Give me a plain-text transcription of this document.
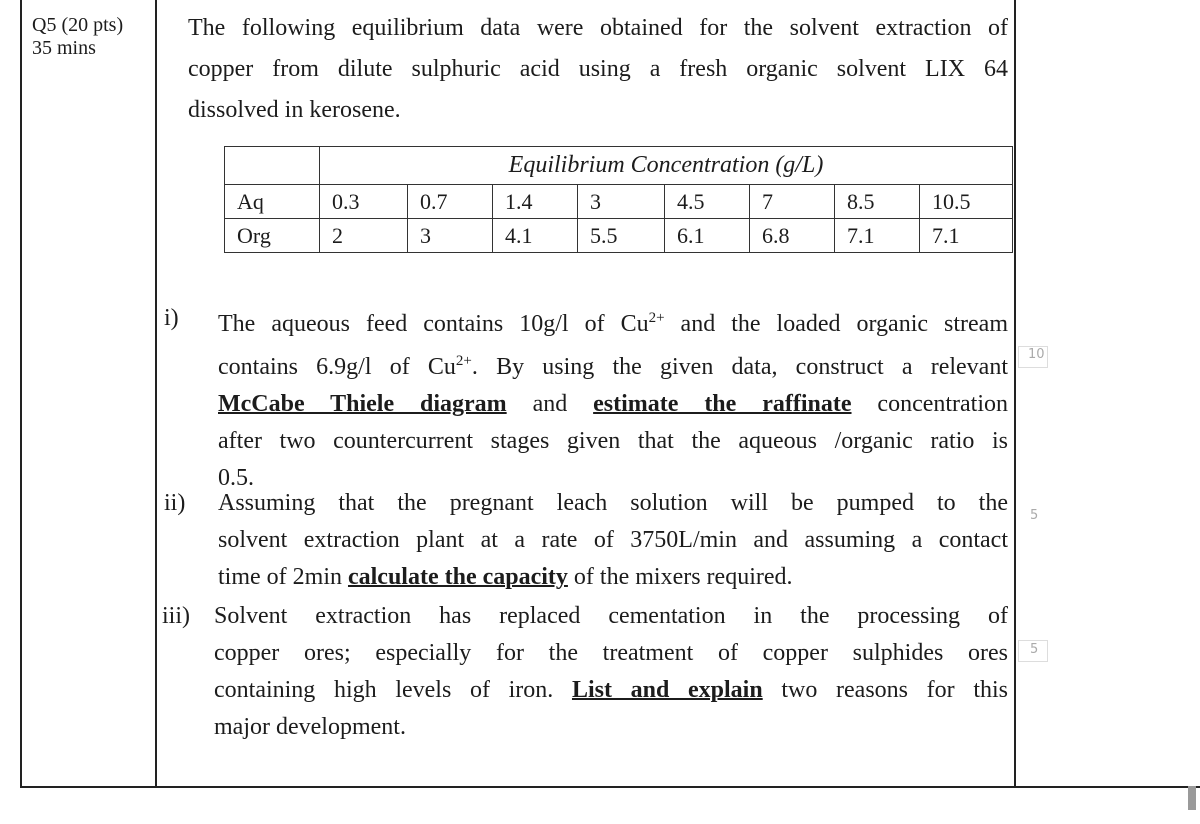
Q5 (20 pts)
35 mins

The following equilibrium data were obtained for the solvent extraction of

copper from dilute sulphuric acid using a fresh organic solvent LIX 64

dissolved in kerosene.

	Equilibrium Concentration (g/L)							
Aq	0.3	0.7	1.4	3	4.5	7	8.5	10.5
Org	2	3	4.1	5.5	6.1	6.8	7.1	7.1
i) The aqueous feed contains 10g/l of $Cu^{2+}$ and the loaded organic stream
contains 6.9g/l of $Cu^{2+}$. By using the given data, construct a relevant
McCabe Thiele diagram and estimate the raffinate concentration
after two countercurrent stages given that the aqueous /organic ratio is
0.5.
ii) Assuming that the pregnant leach solution will be pumped to the
solvent extraction plant at a rate of 3750L/min and assuming a contact
time of 2min calculate the capacity of the mixers required.
iii) Solvent extraction has replaced cementation in the processing of
copper ores; especially for the treatment of copper sulphides ores
containing high levels of iron. List and explain two reasons for this
major development.
10
5
5
